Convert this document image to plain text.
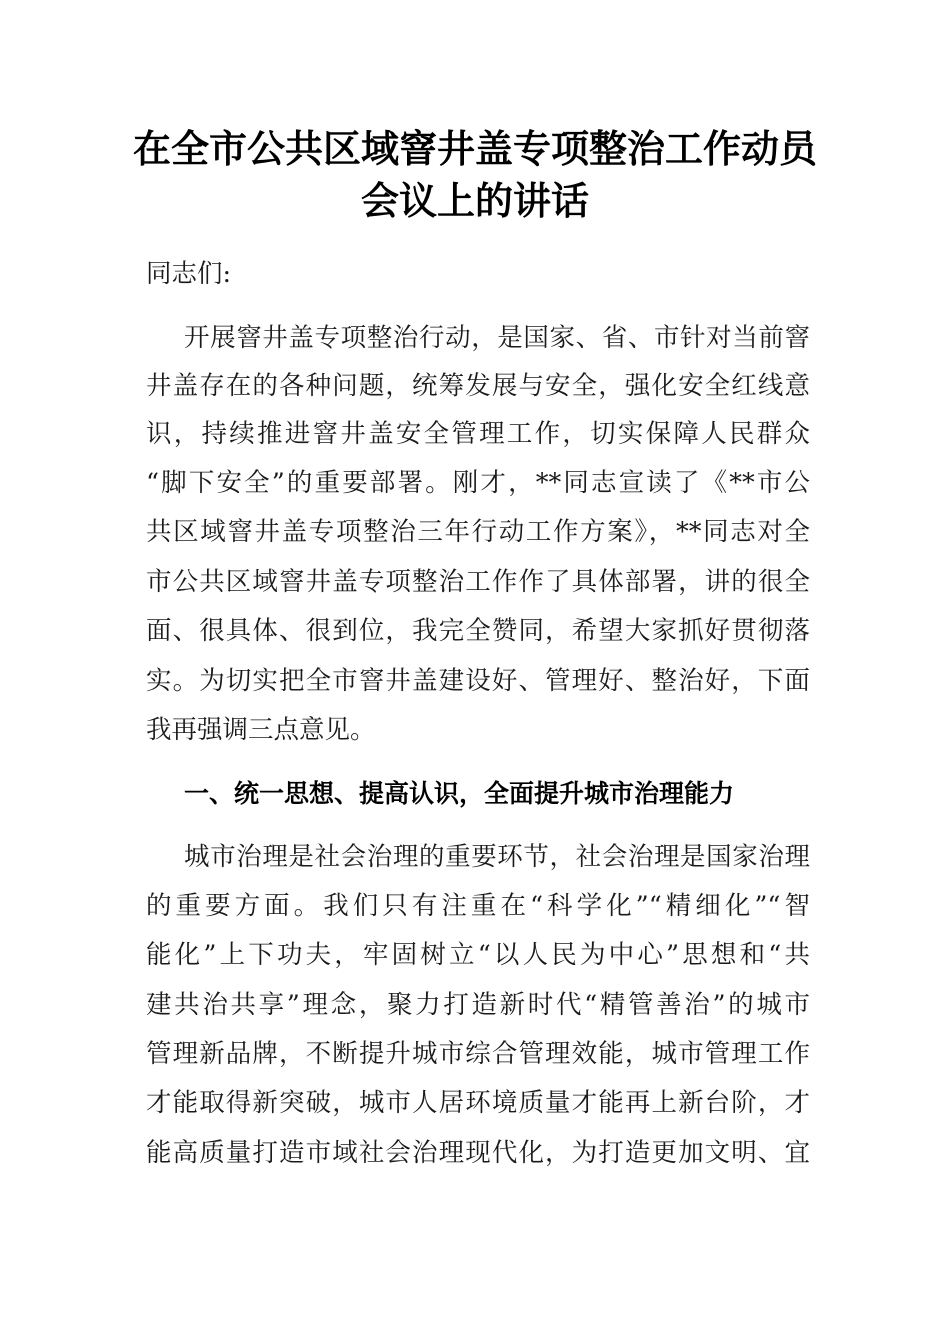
在全市公共区域窨井盖专项整治工作动员
会议上的讲话
同志们:
开展窨井盖专项整治行动，是国家、省、市针对当前窨
井盖存在的各种问题，统筹发展与安全，强化安全红线意
识，持续推进窨井盖安全管理工作，切实保障人民群众
“脚下安全”的重要部署。刚才，**同志宣读了《**市公
共区域窨井盖专项整治三年行动工作方案》，**同志对全
市公共区域窨井盖专项整治工作作了具体部署，讲的很全
面、很具体、很到位，我完全赞同，希望大家抓好贯彻落
实。为切实把全市窨井盖建设好、管理好、整治好，下面
我再强调三点意见。
一、统一思想、提高认识，全面提升城市治理能力
城市治理是社会治理的重要环节，社会治理是国家治理
的重要方面。我们只有注重在“科学化”“精细化”“智
能化”上下功夫，牢固树立“以人民为中心”思想和“共
建共治共享”理念，聚力打造新时代“精管善治”的城市
管理新品牌，不断提升城市综合管理效能，城市管理工作
才能取得新突破，城市人居环境质量才能再上新台阶，才
能高质量打造市域社会治理现代化，为打造更加文明、宜
